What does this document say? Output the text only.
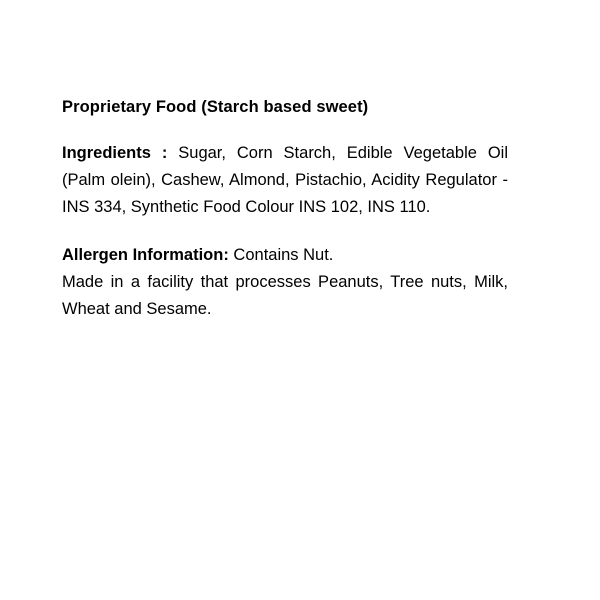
Proprietary Food (Starch based sweet)

Ingredients : Sugar, Corn Starch, Edible Vegetable Oil (Palm olein), Cashew, Almond, Pistachio, Acidity Regulator - INS 334, Synthetic Food Colour INS 102, INS 110.

Allergen Information: Contains Nut.

Made in a facility that processes Peanuts, Tree nuts, Milk, Wheat and Sesame.
